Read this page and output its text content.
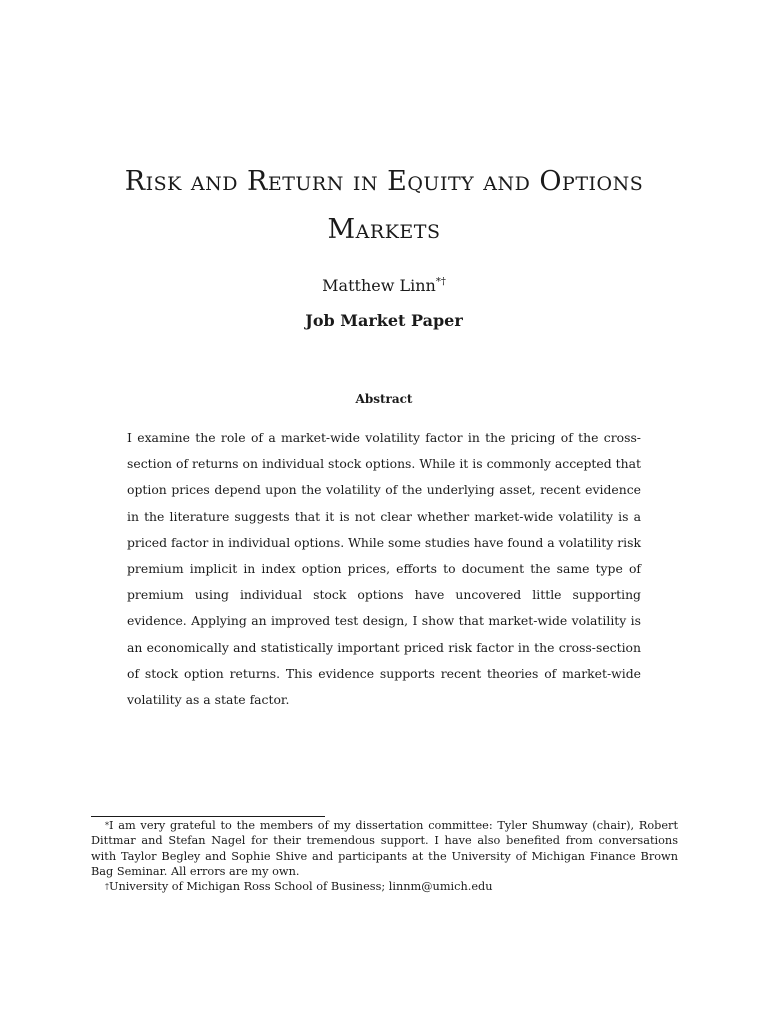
Risk and Return in Equity and Options
Markets
Matthew Linn*†
Job Market Paper
Abstract

I examine the role of a market-wide volatility factor in the pricing of the cross-section of returns on individual stock options. While it is commonly accepted that option prices depend upon the volatility of the underlying asset, recent evidence in the literature suggests that it is not clear whether market-wide volatility is a priced factor in individual options. While some studies have found a volatility risk premium implicit in index option prices, efforts to document the same type of premium using individual stock options have uncovered little supporting evidence. Applying an improved test design, I show that market-wide volatility is an economically and statistically important priced risk factor in the cross-section of stock option returns. This evidence supports recent theories of market-wide volatility as a state factor.

*I am very grateful to the members of my dissertation committee: Tyler Shumway (chair), Robert Dittmar and Stefan Nagel for their tremendous support. I have also benefited from conversations with Taylor Begley and Sophie Shive and participants at the University of Michigan Finance Brown Bag Seminar. All errors are my own.

†University of Michigan Ross School of Business; linnm@umich.edu
